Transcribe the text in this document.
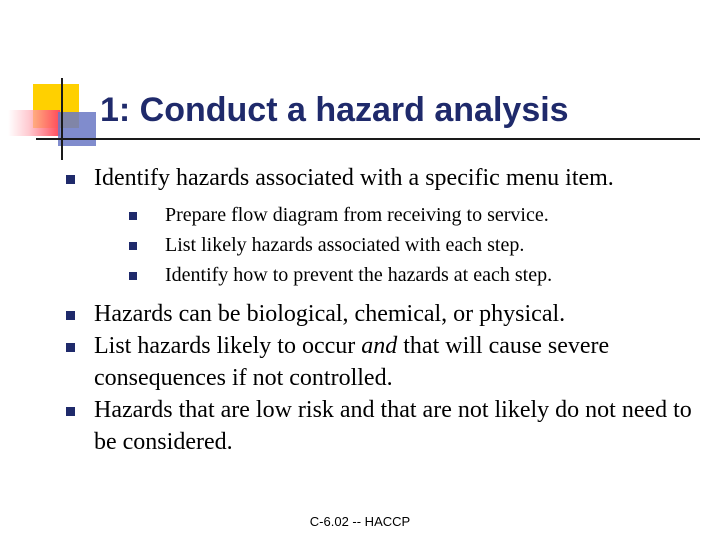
1: Conduct a hazard analysis
Identify hazards associated with a specific menu item.
Prepare flow diagram from receiving to service.
List likely hazards associated with each step.
Identify how to prevent the hazards at each step.
Hazards can be biological, chemical, or physical.
List hazards likely to occur and that will cause severe consequences if not controlled.
Hazards that are low risk and that are not likely do not need to be considered.
C-6.02 -- HACCP
